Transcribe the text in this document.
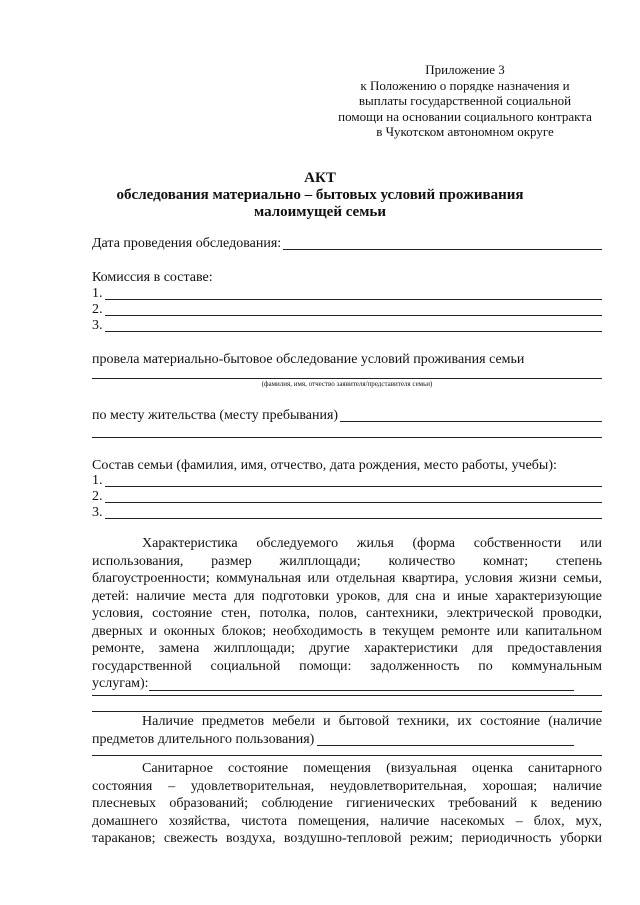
Приложение 3
к Положению о порядке назначения и
выплаты государственной социальной
помощи на основании социального контракта
в Чукотском автономном округе
АКТ
обследования материально – бытовых условий проживания
малоимущей семьи
Дата проведения обследования:

Комиссия в составе:

1.
2.
3.

провела материально-бытовое обследование условий проживания семьи

(фамилия, имя, отчество заявителя/представителя семьи)
по месту жительства (месту пребывания)

Состав семьи (фамилия, имя, отчество, дата рождения, место работы, учебы):

1.
2.
3.
Характеристика обследуемого жилья (форма собственности или
использования, размер жилплощади; количество комнат; степень
благоустроенности; коммунальная или отдельная квартира, условия жизни семьи,
детей: наличие места для подготовки уроков, для сна и иные характеризующие
условия, состояние стен, потолка, полов, сантехники, электрической проводки,
дверных и оконных блоков; необходимость в текущем ремонте или капитальном
ремонте, замена жилплощади; другие характеристики для предоставления
государственной социальной помощи: задолженность по коммунальным
услугам):
Наличие предметов мебели и бытовой техники, их состояние (наличие
предметов длительного пользования)
Санитарное состояние помещения (визуальная оценка санитарного
состояния – удовлетворительная, неудовлетворительная, хорошая; наличие
плесневых образований; соблюдение гигиенических требований к ведению
домашнего хозяйства, чистота помещения, наличие насекомых – блох, мух,
тараканов; свежесть воздуха, воздушно-тепловой режим; периодичность уборки
